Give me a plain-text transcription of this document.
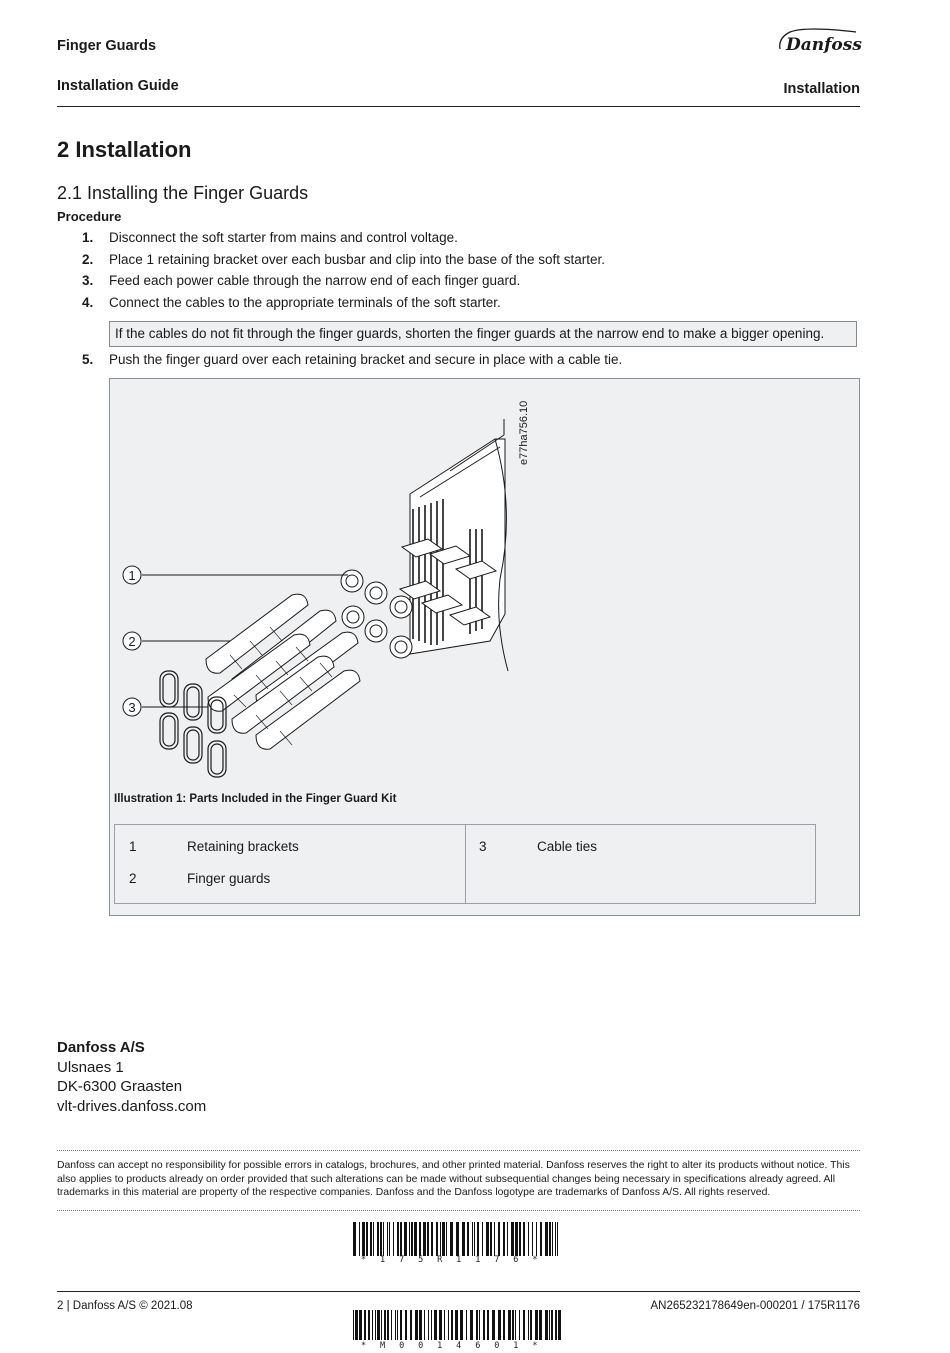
Finger Guards
Installation Guide	Installation
Danfoss
2 Installation
2.1 Installing the Finger Guards
Procedure
1. Disconnect the soft starter from mains and control voltage.
2. Place 1 retaining bracket over each busbar and clip into the base of the soft starter.
3. Feed each power cable through the narrow end of each finger guard.
4. Connect the cables to the appropriate terminals of the soft starter.
If the cables do not fit through the finger guards, shorten the finger guards at the narrow end to make a bigger opening.
5. Push the finger guard over each retaining bracket and secure in place with a cable tie.
1
2
3
e77ha756.10
Illustration 1: Parts Included in the Finger Guard Kit
1	Retaining brackets
2	Finger guards
3	Cable ties
Danfoss A/S
Ulsnaes 1
DK-6300 Graasten
vlt-drives.danfoss.com
Danfoss can accept no responsibility for possible errors in catalogs, brochures, and other printed material. Danfoss reserves the right to alter its products without notice. This also applies to products already on order provided that such alterations can be made without subsequential changes being necessary in specifications already agreed. All trademarks in this material are property of the respective companies. Danfoss and the Danfoss logotype are trademarks of Danfoss A/S. All rights reserved.
* 1 7 5 R 1 1 7 6 *
2 | Danfoss A/S © 2021.08	AN265232178649en-000201 / 175R1176
* M 0 0 1 4 6 0 1 *
